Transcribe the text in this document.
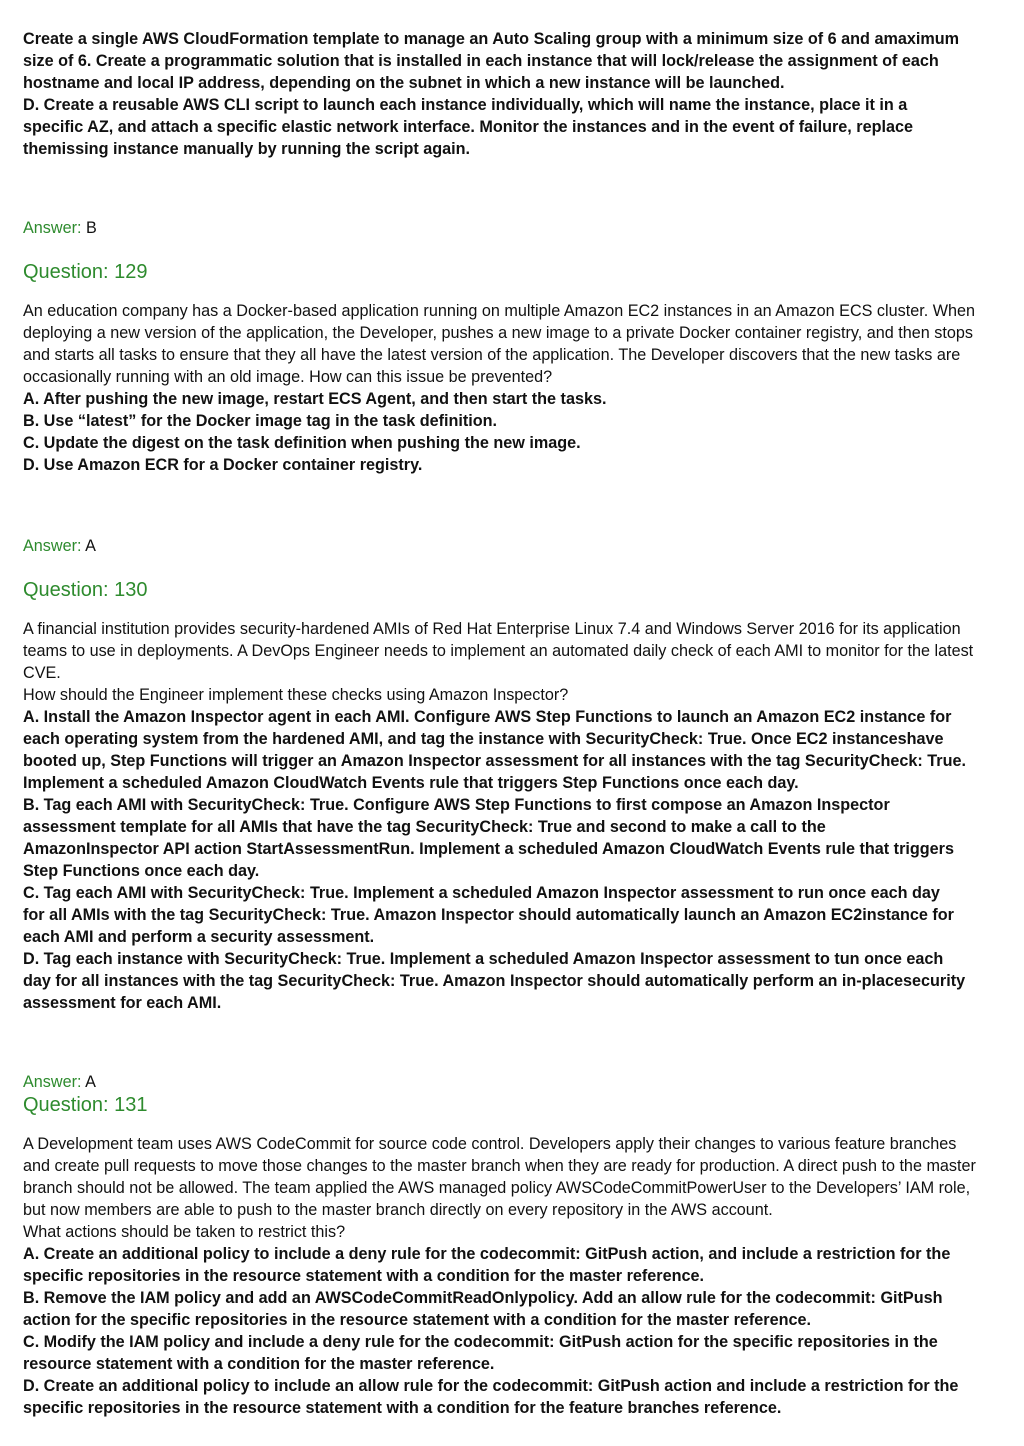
Create a single AWS CloudFormation template to manage an Auto Scaling group with a minimum size of 6 and amaximum
size of 6. Create a programmatic solution that is installed in each instance that will lock/release the assignment of each
hostname and local IP address, depending on the subnet in which a new instance will be launched.
D. Create a reusable AWS CLI script to launch each instance individually, which will name the instance, place it in a
specific AZ, and attach a specific elastic network interface. Monitor the instances and in the event of failure, replace
themissing instance manually by running the script again.
Answer: B
Question: 129
An education company has a Docker-based application running on multiple Amazon EC2 instances in an Amazon ECS cluster. When
deploying a new version of the application, the Developer, pushes a new image to a private Docker container registry, and then stops
and starts all tasks to ensure that they all have the latest version of the application. The Developer discovers that the new tasks are
occasionally running with an old image. How can this issue be prevented?
A. After pushing the new image, restart ECS Agent, and then start the tasks.
B. Use “latest” for the Docker image tag in the task definition.
C. Update the digest on the task definition when pushing the new image.
D. Use Amazon ECR for a Docker container registry.
Answer: A
Question: 130
A financial institution provides security-hardened AMIs of Red Hat Enterprise Linux 7.4 and Windows Server 2016 for its application
teams to use in deployments. A DevOps Engineer needs to implement an automated daily check of each AMI to monitor for the latest
CVE.
How should the Engineer implement these checks using Amazon Inspector?
A. Install the Amazon Inspector agent in each AMI. Configure AWS Step Functions to launch an Amazon EC2 instance for
each operating system from the hardened AMI, and tag the instance with SecurityCheck: True. Once EC2 instanceshave
booted up, Step Functions will trigger an Amazon Inspector assessment for all instances with the tag SecurityCheck: True.
Implement a scheduled Amazon CloudWatch Events rule that triggers Step Functions once each day.
B. Tag each AMI with SecurityCheck: True. Configure AWS Step Functions to first compose an Amazon Inspector
assessment template for all AMIs that have the tag SecurityCheck: True and second to make a call to the
AmazonInspector API action StartAssessmentRun. Implement a scheduled Amazon CloudWatch Events rule that triggers
Step Functions once each day.
C. Tag each AMI with SecurityCheck: True. Implement a scheduled Amazon Inspector assessment to run once each day
for all AMIs with the tag SecurityCheck: True. Amazon Inspector should automatically launch an Amazon EC2instance for
each AMI and perform a security assessment.
D. Tag each instance with SecurityCheck: True. Implement a scheduled Amazon Inspector assessment to tun once each
day for all instances with the tag SecurityCheck: True. Amazon Inspector should automatically perform an in-placesecurity
assessment for each AMI.
Answer: A
Question: 131
A Development team uses AWS CodeCommit for source code control. Developers apply their changes to various feature branches
and create pull requests to move those changes to the master branch when they are ready for production. A direct push to the master
branch should not be allowed. The team applied the AWS managed policy AWSCodeCommitPowerUser to the Developers’ IAM role,
but now members are able to push to the master branch directly on every repository in the AWS account.
What actions should be taken to restrict this?
A. Create an additional policy to include a deny rule for the codecommit: GitPush action, and include a restriction for the
specific repositories in the resource statement with a condition for the master reference.
B. Remove the IAM policy and add an AWSCodeCommitReadOnlypolicy. Add an allow rule for the codecommit: GitPush
action for the specific repositories in the resource statement with a condition for the master reference.
C. Modify the IAM policy and include a deny rule for the codecommit: GitPush action for the specific repositories in the
resource statement with a condition for the master reference.
D. Create an additional policy to include an allow rule for the codecommit: GitPush action and include a restriction for the
specific repositories in the resource statement with a condition for the feature branches reference.
